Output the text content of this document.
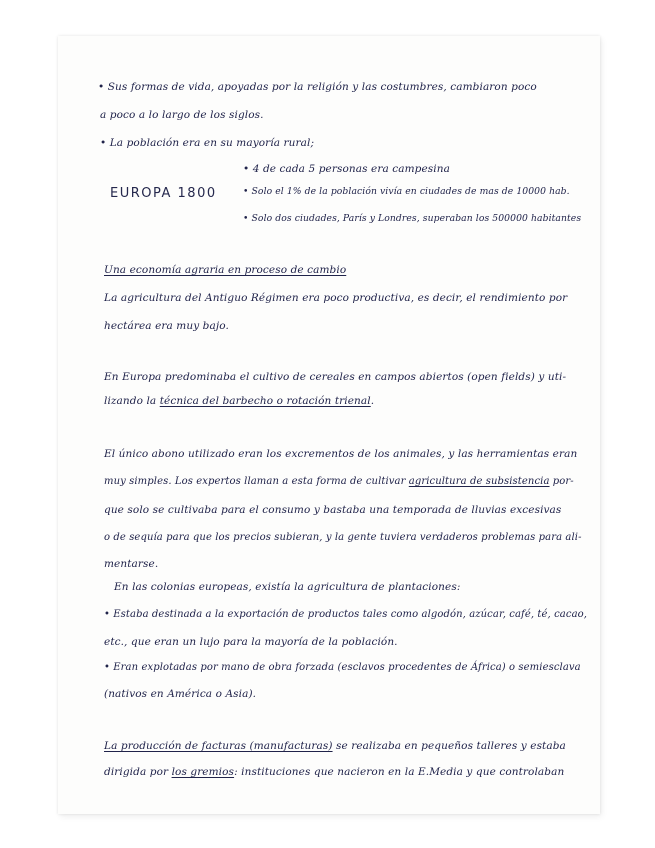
• Sus formas de vida, apoyadas por la religión y las costumbres, cambiaron poco
a poco a lo largo de los siglos.
• La población era en su mayoría rural;
• 4 de cada 5 personas era campesina
EUROPA 1800	• Solo el 1% de la población vivía en ciudades de mas de 10000 hab.
• Solo dos ciudades, París y Londres, superaban los 500000 habitantes
Una economía agraria en proceso de cambio
La agricultura del Antiguo Régimen era poco productiva, es decir, el rendimiento por
hectárea era muy bajo.
En Europa predominaba el cultivo de cereales en campos abiertos (open fields) y uti-
lizando la técnica del barbecho o rotación trienal.
El único abono utilizado eran los excrementos de los animales, y las herramientas eran
muy simples. Los expertos llaman a esta forma de cultivar agricultura de subsistencia por-
que solo se cultivaba para el consumo y bastaba una temporada de lluvias excesivas
o de sequía para que los precios subieran, y la gente tuviera verdaderos problemas para ali-
mentarse.
En las colonias europeas, existía la agricultura de plantaciones:
• Estaba destinada a la exportación de productos tales como algodón, azúcar, café, té, cacao,
etc., que eran un lujo para la mayoría de la población.
• Eran explotadas por mano de obra forzada (esclavos procedentes de África) o semiesclava
(nativos en América o Asia).
La producción de facturas (manufacturas) se realizaba en pequeños talleres y estaba
dirigida por los gremios: instituciones que nacieron en la E.Media y que controlaban
